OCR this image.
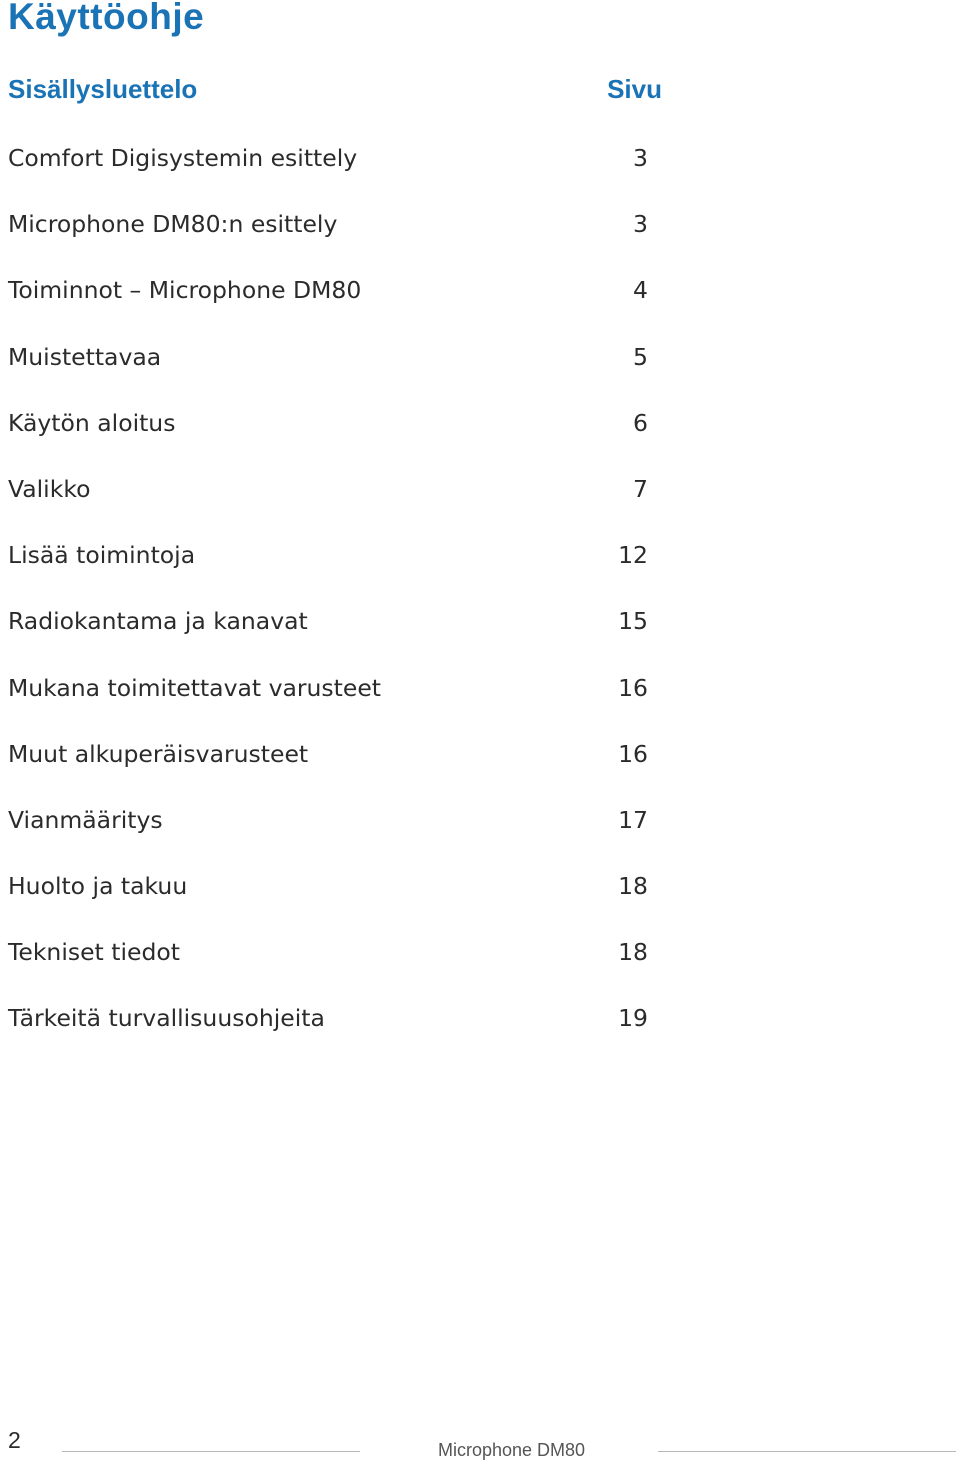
Käyttöohje
Sisällysluettelo	Sivu
Comfort Digisystemin esittely	3
Microphone DM80:n esittely	3
Toiminnot – Microphone DM80	4
Muistettavaa	5
Käytön aloitus	6
Valikko	7
Lisää toimintoja	12
Radiokantama ja kanavat	15
Mukana toimitettavat varusteet	16
Muut alkuperäisvarusteet	16
Vianmääritys	17
Huolto ja takuu	18
Tekniset tiedot	18
Tärkeitä turvallisuusohjeita	19
2	Microphone DM80
